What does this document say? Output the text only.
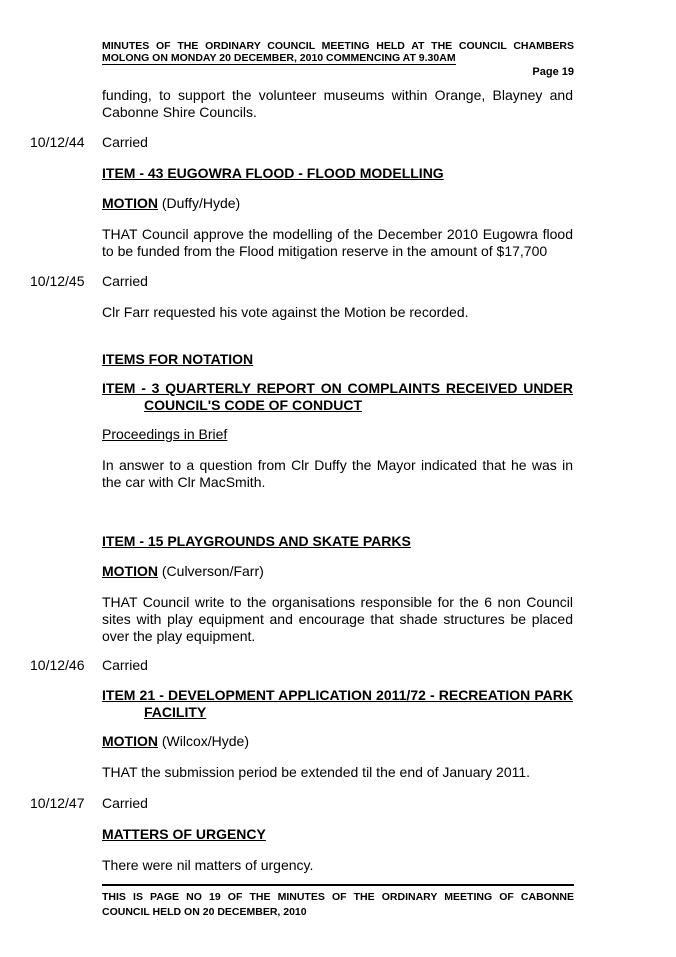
MINUTES OF THE ORDINARY COUNCIL MEETING HELD AT THE COUNCIL CHAMBERS
MOLONG ON MONDAY 20 DECEMBER, 2010 COMMENCING AT 9.30AM
Page 19
funding, to support the volunteer museums within Orange, Blayney and Cabonne Shire Councils.
10/12/44 Carried
ITEM - 43 EUGOWRA FLOOD - FLOOD MODELLING
MOTION (Duffy/Hyde)
THAT Council approve the modelling of the December 2010 Eugowra flood to be funded from the Flood mitigation reserve in the amount of $17,700
10/12/45 Carried
Clr Farr requested his vote against the Motion be recorded.
ITEMS FOR NOTATION
ITEM - 3 QUARTERLY REPORT ON COMPLAINTS RECEIVED UNDER
COUNCIL'S CODE OF CONDUCT
Proceedings in Brief
In answer to a question from Clr Duffy the Mayor indicated that he was in the car with Clr MacSmith.
ITEM - 15 PLAYGROUNDS AND SKATE PARKS
MOTION (Culverson/Farr)
THAT Council write to the organisations responsible for the 6 non Council sites with play equipment and encourage that shade structures be placed over the play equipment.
10/12/46 Carried
ITEM 21 - DEVELOPMENT APPLICATION 2011/72 - RECREATION PARK
FACILITY
MOTION (Wilcox/Hyde)
THAT the submission period be extended til the end of January 2011.
10/12/47 Carried
MATTERS OF URGENCY
There were nil matters of urgency.
THIS IS PAGE NO 19 OF THE MINUTES OF THE ORDINARY MEETING OF CABONNE
COUNCIL HELD ON 20 DECEMBER, 2010
